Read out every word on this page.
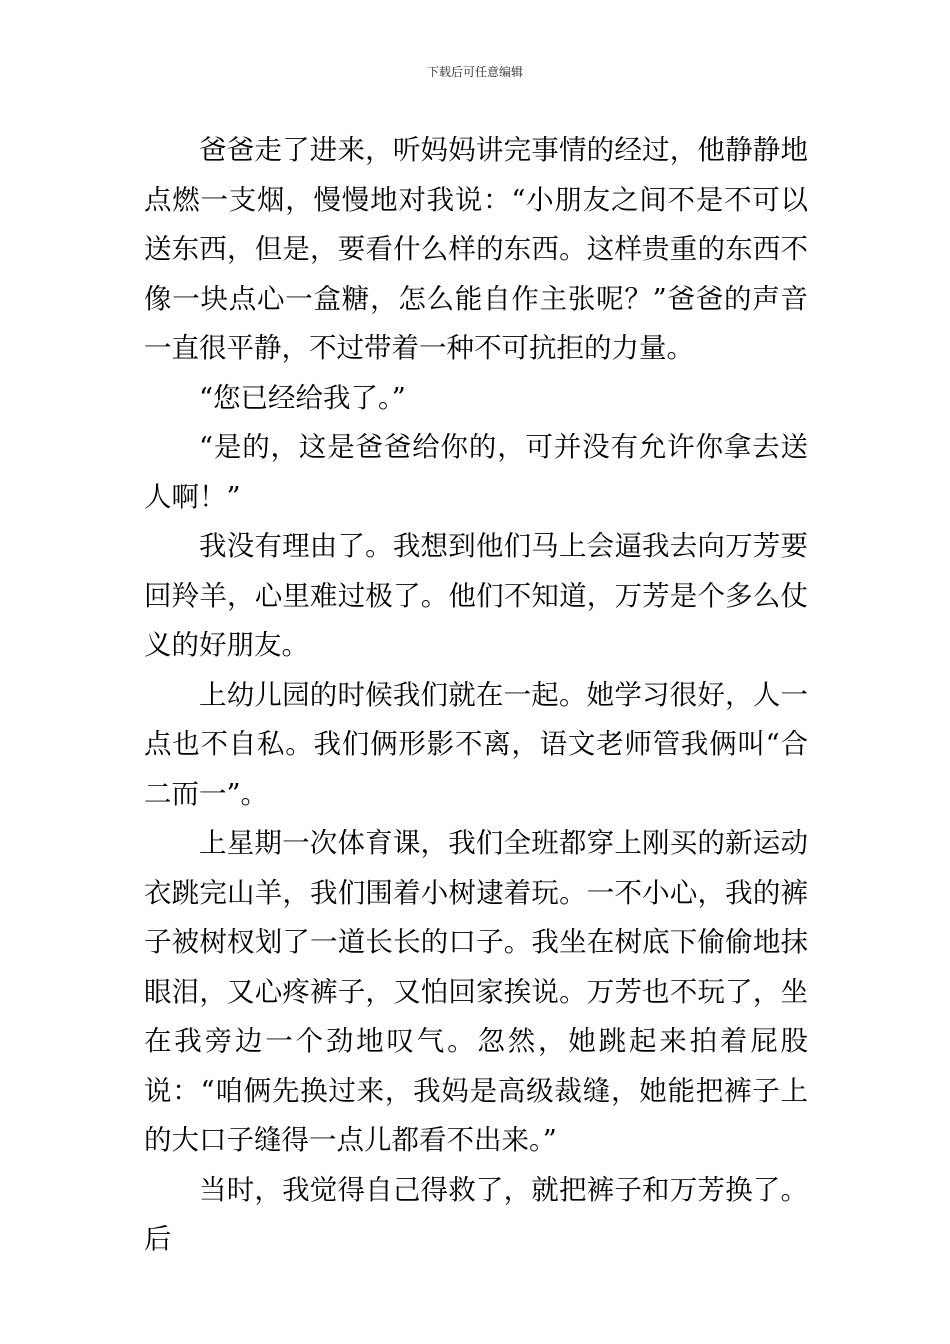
下载后可任意编辑

爸爸走了进来，听妈妈讲完事情的经过，他静静地点燃一支烟，慢慢地对我说：“小朋友之间不是不可以送东西，但是，要看什么样的东西。这样贵重的东西不像一块点心一盒糖，怎么能自作主张呢？”爸爸的声音一直很平静，不过带着一种不可抗拒的力量。

“您已经给我了。”

“是的，这是爸爸给你的，可并没有允许你拿去送人啊！”

我没有理由了。我想到他们马上会逼我去向万芳要回羚羊，心里难过极了。他们不知道，万芳是个多么仗义的好朋友。

上幼儿园的时候我们就在一起。她学习很好，人一点也不自私。我们俩形影不离，语文老师管我俩叫“合二而一”。

上星期一次体育课，我们全班都穿上刚买的新运动衣跳完山羊，我们围着小树逮着玩。一不小心，我的裤子被树杈划了一道长长的口子。我坐在树底下偷偷地抹眼泪，又心疼裤子，又怕回家挨说。万芳也不玩了，坐在我旁边一个劲地叹气。忽然，她跳起来拍着屁股说：“咱俩先换过来，我妈是高级裁缝，她能把裤子上的大口子缝得一点儿都看不出来。”

当时，我觉得自己得救了，就把裤子和万芳换了。后
